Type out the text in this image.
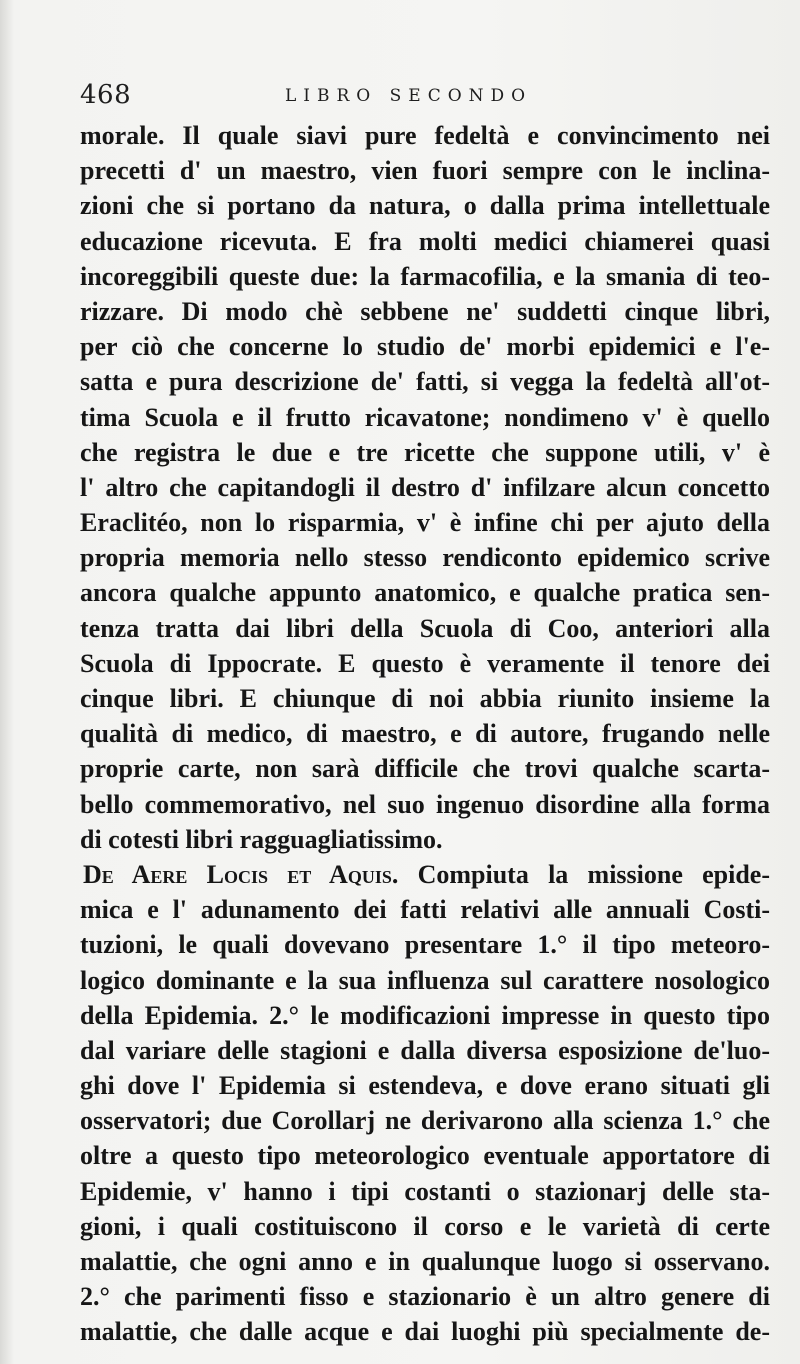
468	LIBRO SECONDO
morale. Il quale siavi pure fedeltà e convincimento nei
precetti d' un maestro, vien fuori sempre con le inclina-
zioni che si portano da natura, o dalla prima intellettuale
educazione ricevuta. E fra molti medici chiamerei quasi
incoreggibili queste due: la farmacofilia, e la smania di teo-
rizzare. Di modo chè sebbene ne' suddetti cinque libri,
per ciò che concerne lo studio de' morbi epidemici e l'e-
satta e pura descrizione de' fatti, si vegga la fedeltà all'ot-
tima Scuola e il frutto ricavatone; nondimeno v' è quello
che registra le due e tre ricette che suppone utili, v' è
l' altro che capitandogli il destro d' infilzare alcun concetto
Eraclitéo, non lo risparmia, v' è infine chi per ajuto della
propria memoria nello stesso rendiconto epidemico scrive
ancora qualche appunto anatomico, e qualche pratica sen-
tenza tratta dai libri della Scuola di Coo, anteriori alla
Scuola di Ippocrate. E questo è veramente il tenore dei
cinque libri. E chiunque di noi abbia riunito insieme la
qualità di medico, di maestro, e di autore, frugando nelle
proprie carte, non sarà difficile che trovi qualche scarta-
bello commemorativo, nel suo ingenuo disordine alla forma
di cotesti libri ragguagliatissimo.
De Aere Locis et Aquis. Compiuta la missione epide-
mica e l' adunamento dei fatti relativi alle annuali Costi-
tuzioni, le quali dovevano presentare 1.° il tipo meteoro-
logico dominante e la sua influenza sul carattere nosologico
della Epidemia. 2.° le modificazioni impresse in questo tipo
dal variare delle stagioni e dalla diversa esposizione de'luo-
ghi dove l' Epidemia si estendeva, e dove erano situati gli
osservatori; due Corollarj ne derivarono alla scienza 1.° che
oltre a questo tipo meteorologico eventuale apportatore di
Epidemie, v' hanno i tipi costanti o stazionarj delle sta-
gioni, i quali costituiscono il corso e le varietà di certe
malattie, che ogni anno e in qualunque luogo si osservano.
2.° che parimenti fisso e stazionario è un altro genere di
malattie, che dalle acque e dai luoghi più specialmente de-
